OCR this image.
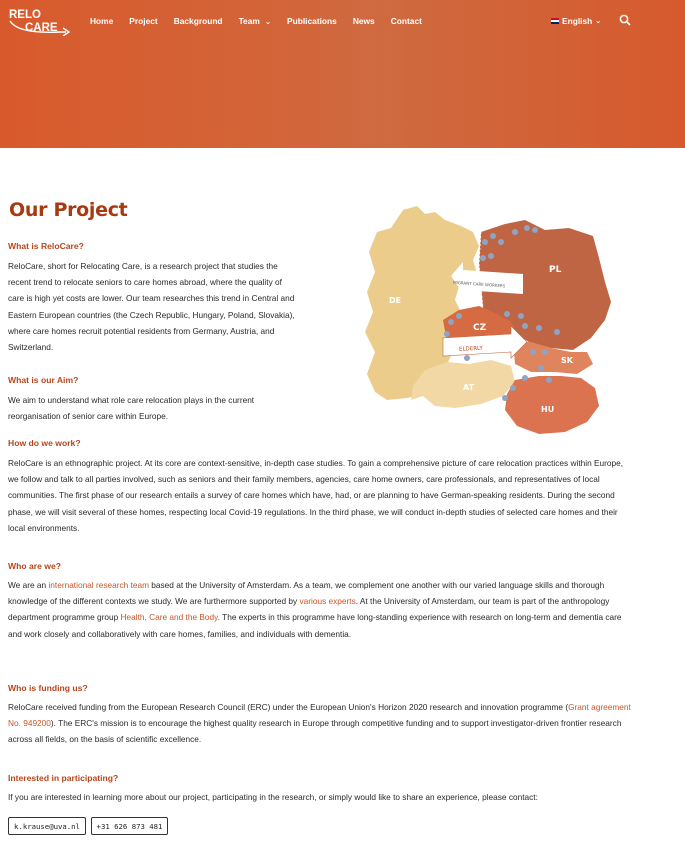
RELO
CARE
Home Project Background Team ⌄ Publications News Contact	English ⌄
Our Project
What is ReloCare?

ReloCare, short for Relocating Care, is a research project that studies the recent trend to relocate seniors to care homes abroad, where the quality of care is high yet costs are lower. Our team researches this trend in Central and Eastern European countries (the Czech Republic, Hungary, Poland, Slovakia), where care homes recruit potential residents from Germany, Austria, and Switzerland.

What is our Aim?

We aim to understand what role care relocation plays in the current reorganisation of senior care within Europe.

DE
PL
CZ
SK
AT
HU
MIGRANT CARE WORKERS
ELDERLY
How do we work?

ReloCare is an ethnographic project. At its core are context-sensitive, in-depth case studies. To gain a comprehensive picture of care relocation practices within Europe, we follow and talk to all parties involved, such as seniors and their family members, agencies, care home owners, care professionals, and representatives of local communities. The first phase of our research entails a survey of care homes which have, had, or are planning to have German-speaking residents. During the second phase, we will visit several of these homes, respecting local Covid-19 regulations. In the third phase, we will conduct in-depth studies of selected care homes and their local environments.

Who are we?

We are an international research team based at the University of Amsterdam. As a team, we complement one another with our varied language skills and thorough knowledge of the different contexts we study. We are furthermore supported by various experts. At the University of Amsterdam, our team is part of the anthropology department programme group Health, Care and the Body. The experts in this programme have long-standing experience with research on long-term and dementia care and work closely and collaboratively with care homes, families, and individuals with dementia.

Who is funding us?

ReloCare received funding from the European Research Council (ERC) under the European Union's Horizon 2020 research and innovation programme (Grant agreement No. 949200). The ERC's mission is to encourage the highest quality research in Europe through competitive funding and to support investigator-driven frontier research across all fields, on the basis of scientific excellence.

Interested in participating?

If you are interested in learning more about our project, participating in the research, or simply would like to share an experience, please contact:

k.krause@uva.nl	+31 626 873 481
